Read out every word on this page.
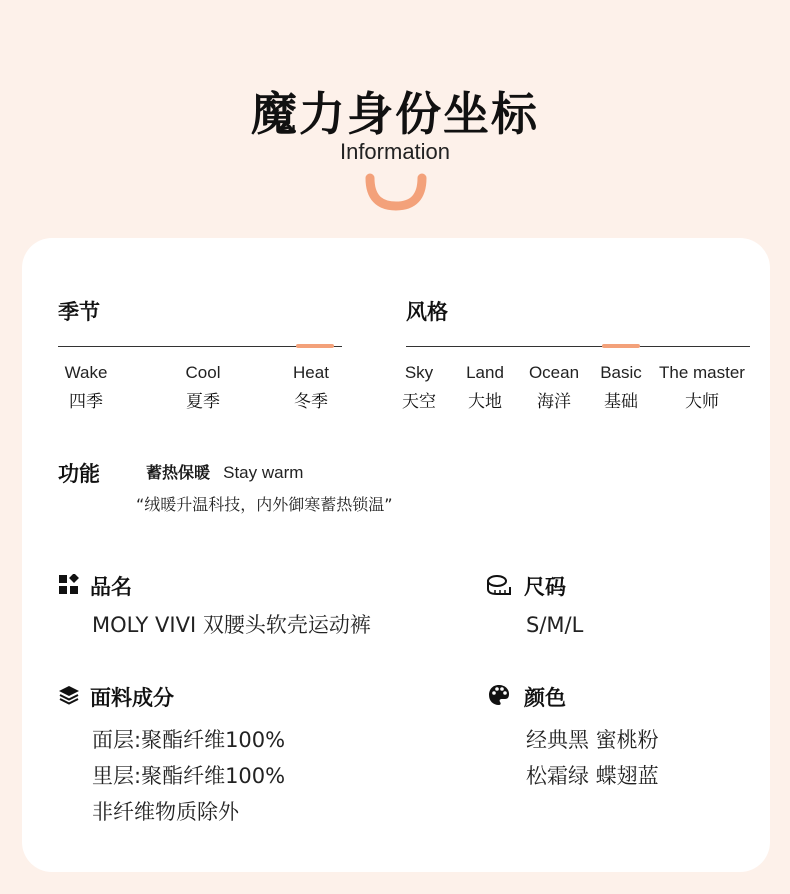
魔力身份坐标
Information
季节
Wake
四季
Cool
夏季
Heat
冬季
风格
Sky
天空
Land
大地
Ocean
海洋
Basic
基础
The master
大师
功能	蓄热保暖 Stay warm
“绒暖升温科技，内外御寒蓄热锁温”
品名
MOLY VIVI 双腰头软壳运动裤
尺码
S/M/L
面料成分
面层:聚酯纤维100%
里层:聚酯纤维100%
非纤维物质除外
颜色
经典黑 蜜桃粉
松霜绿 蝶翅蓝
